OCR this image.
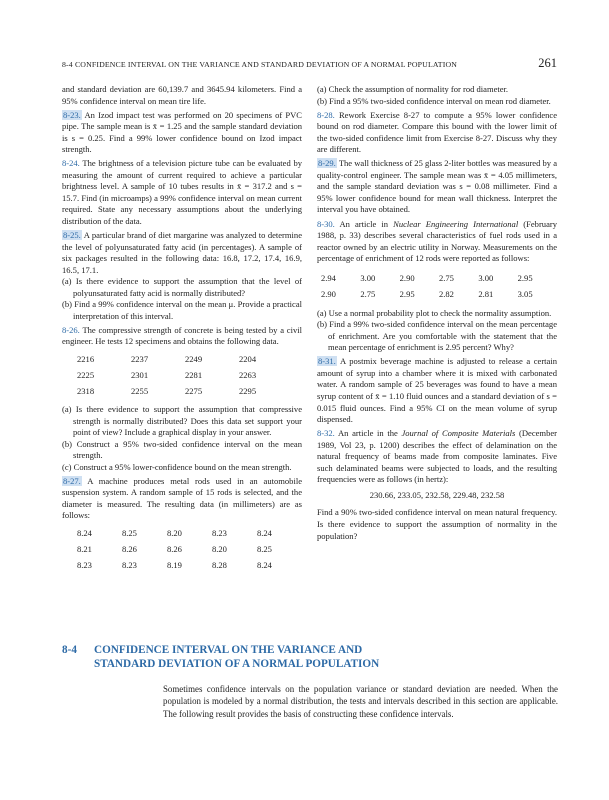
8-4 CONFIDENCE INTERVAL ON THE VARIANCE AND STANDARD DEVIATION OF A NORMAL POPULATION	261

and standard deviation are 60,139.7 and 3645.94 kilometers. Find a 95% confidence interval on mean tire life.

8-23. An Izod impact test was performed on 20 specimens of PVC pipe. The sample mean is x̄ = 1.25 and the sample standard deviation is s = 0.25. Find a 99% lower confidence bound on Izod impact strength.

8-24. The brightness of a television picture tube can be evaluated by measuring the amount of current required to achieve a particular brightness level. A sample of 10 tubes results in x̄ = 317.2 and s = 15.7. Find (in microamps) a 99% confidence interval on mean current required. State any necessary assumptions about the underlying distribution of the data.

8-25. A particular brand of diet margarine was analyzed to determine the level of polyunsaturated fatty acid (in percentages). A sample of six packages resulted in the following data: 16.8, 17.2, 17.4, 16.9, 16.5, 17.1.

(a) Is there evidence to support the assumption that the level of polyunsaturated fatty acid is normally distributed?

(b) Find a 99% confidence interval on the mean μ. Provide a practical interpretation of this interval.

8-26. The compressive strength of concrete is being tested by a civil engineer. He tests 12 specimens and obtains the following data.

2216	2237	2249	2204
2225	2301	2281	2263
2318	2255	2275	2295

(a) Is there evidence to support the assumption that compressive strength is normally distributed? Does this data set support your point of view? Include a graphical display in your answer.

(b) Construct a 95% two-sided confidence interval on the mean strength.

(c) Construct a 95% lower-confidence bound on the mean strength.

8-27. A machine produces metal rods used in an automobile suspension system. A random sample of 15 rods is selected, and the diameter is measured. The resulting data (in millimeters) are as follows:

8.24	8.25	8.20	8.23	8.24
8.21	8.26	8.26	8.20	8.25
8.23	8.23	8.19	8.28	8.24

(a) Check the assumption of normality for rod diameter.

(b) Find a 95% two-sided confidence interval on mean rod diameter.

8-28. Rework Exercise 8-27 to compute a 95% lower confidence bound on rod diameter. Compare this bound with the lower limit of the two-sided confidence limit from Exercise 8-27. Discuss why they are different.

8-29. The wall thickness of 25 glass 2-liter bottles was measured by a quality-control engineer. The sample mean was x̄ = 4.05 millimeters, and the sample standard deviation was s = 0.08 millimeter. Find a 95% lower confidence bound for mean wall thickness. Interpret the interval you have obtained.

8-30. An article in Nuclear Engineering International (February 1988, p. 33) describes several characteristics of fuel rods used in a reactor owned by an electric utility in Norway. Measurements on the percentage of enrichment of 12 rods were reported as follows:

2.94	3.00	2.90	2.75	3.00	2.95
2.90	2.75	2.95	2.82	2.81	3.05

(a) Use a normal probability plot to check the normality assumption.

(b) Find a 99% two-sided confidence interval on the mean percentage of enrichment. Are you comfortable with the statement that the mean percentage of enrichment is 2.95 percent? Why?

8-31. A postmix beverage machine is adjusted to release a certain amount of syrup into a chamber where it is mixed with carbonated water. A random sample of 25 beverages was found to have a mean syrup content of x̄ = 1.10 fluid ounces and a standard deviation of s = 0.015 fluid ounces. Find a 95% CI on the mean volume of syrup dispensed.

8-32. An article in the Journal of Composite Materials (December 1989, Vol 23, p. 1200) describes the effect of delamination on the natural frequency of beams made from composite laminates. Five such delaminated beams were subjected to loads, and the resulting frequencies were as follows (in hertz):

230.66, 233.05, 232.58, 229.48, 232.58

Find a 90% two-sided confidence interval on mean natural frequency. Is there evidence to support the assumption of normality in the population?

8-4 CONFIDENCE INTERVAL ON THE VARIANCE AND
STANDARD DEVIATION OF A NORMAL POPULATION

Sometimes confidence intervals on the population variance or standard deviation are needed. When the population is modeled by a normal distribution, the tests and intervals described in this section are applicable. The following result provides the basis of constructing these confidence intervals.
